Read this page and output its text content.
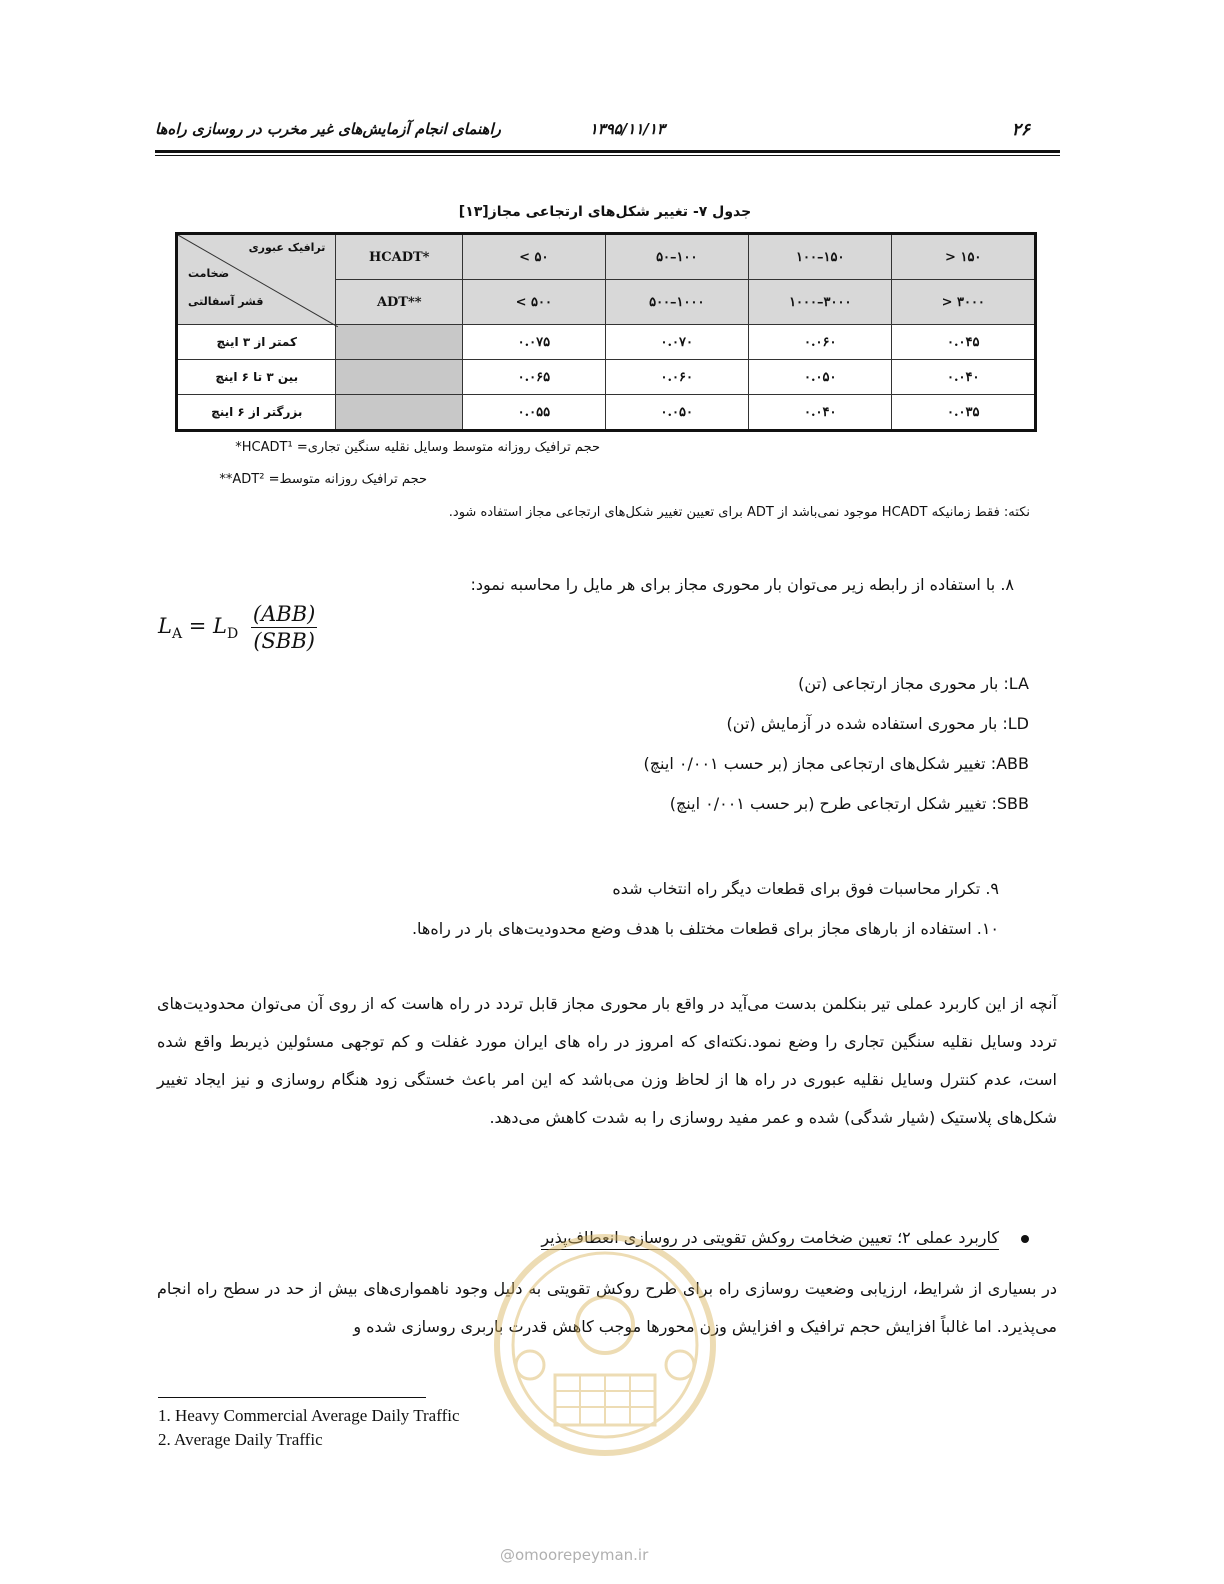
۲۶
۱۳۹۵/۱۱/۱۳
راهنمای انجام آزمایش‌های غیر مخرب در روسازی راه‌ها
جدول ۷- تغییر شکل‌های ارتجاعی مجاز[۱۳]
ترافیک عبوری
ضخامت
قشر آسفالتی	HCADT*	< ۵۰	۵۰–۱۰۰	۱۰۰–۱۵۰	> ۱۵۰
	ADT**	< ۵۰۰	۵۰۰–۱۰۰۰	۱۰۰۰–۳۰۰۰	> ۳۰۰۰
کمتر از ۳ اینچ		۰.۰۷۵	۰.۰۷۰	۰.۰۶۰	۰.۰۴۵
بین ۳ تا ۶ اینچ		۰.۰۶۵	۰.۰۶۰	۰.۰۵۰	۰.۰۴۰
بزرگتر از ۶ اینچ		۰.۰۵۵	۰.۰۵۰	۰.۰۴۰	۰.۰۳۵
حجم ترافیک روزانه متوسط وسایل نقلیه سنگین تجاری= HCADT¹*
حجم ترافیک روزانه متوسط= ADT²**
نکته: فقط زمانیکه HCADT موجود نمی‌باشد از ADT برای تعیین تغییر شکل‌های ارتجاعی مجاز استفاده شود.
۸. با استفاده از رابطه زیر می‌توان بار محوری مجاز برای هر مایل را محاسبه نمود:
$L_A = L_D \frac{\text{(ABB)}}{\text{(SBB)}}$
LA: بار محوری مجاز ارتجاعی (تن)
LD: بار محوری استفاده شده در آزمایش (تن)
ABB: تغییر شکل‌های ارتجاعی مجاز (بر حسب ۰/۰۰۱ اینچ)
SBB: تغییر شکل ارتجاعی طرح (بر حسب ۰/۰۰۱ اینچ)
۹. تکرار محاسبات فوق برای قطعات دیگر راه انتخاب شده
۱۰. استفاده از بارهای مجاز برای قطعات مختلف با هدف وضع محدودیت‌های بار در راه‌ها.
آنچه از این کاربرد عملی تیر بنکلمن بدست می‌آید در واقع بار محوری مجاز قابل تردد در راه هاست که از روی آن می‌توان محدودیت‌های تردد وسایل نقلیه سنگین تجاری را وضع نمود.نکته‌ای که امروز در راه های ایران مورد غفلت و کم توجهی مسئولین ذیربط واقع شده است، عدم کنترل وسایل نقلیه عبوری در راه ها از لحاظ وزن می‌باشد که این امر باعث خستگی زود هنگام روسازی و نیز ایجاد تغییر شکل‌های پلاستیک (شیار شدگی) شده و عمر مفید روسازی را به شدت کاهش می‌دهد.
کاربرد عملی ۲؛ تعیین ضخامت روکش تقویتی در روسازی انعطاف‌پذیر
در بسیاری از شرایط، ارزیابی وضعیت روسازی راه برای طرح روکش تقویتی به دلیل وجود ناهمواری‌های بیش از حد در سطح راه انجام می‌پذیرد. اما غالباً افزایش حجم ترافیک و افزایش وزن محورها موجب کاهش قدرت باربری روسازی شده و
1. Heavy Commercial Average Daily Traffic
2. Average Daily Traffic
@omoorepeyman.ir
